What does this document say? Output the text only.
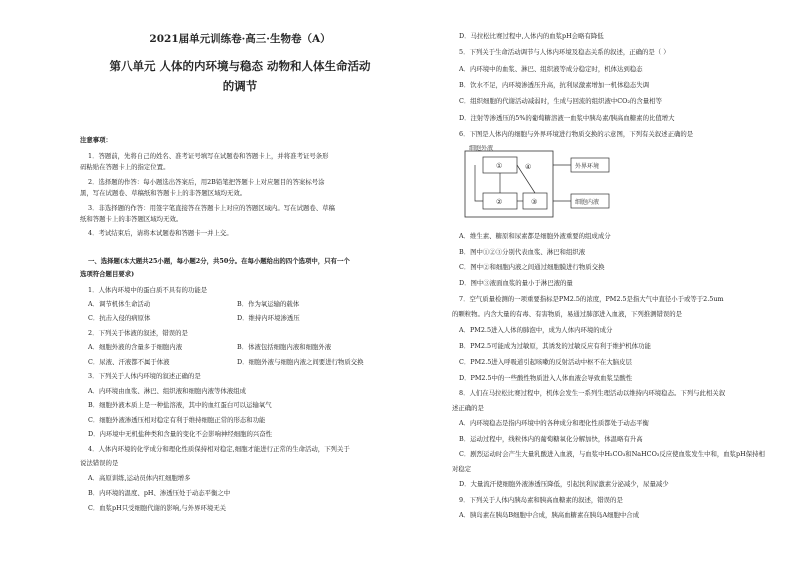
2021届单元训练卷·高三·生物卷（A）
第八单元 人体的内环境与稳态 动物和人体生命活动
的调节
注意事项：
1．答题前，先将自己的姓名、准考证号填写在试题卷和答题卡上，并将准考证号条形
码粘贴在答题卡上的指定位置。
2．选择题的作答：每小题选出答案后，用2B铅笔把答题卡上对应题目的答案标号涂
黑，写在试题卷、草稿纸和答题卡上的非答题区域均无效。
3．非选择题的作答：用签字笔直接答在答题卡上对应的答题区域内。写在试题卷、草稿
纸和答题卡上的非答题区域均无效。
4．考试结束后，请将本试题卷和答题卡一并上交。
一、选择题(本大题共25小题，每小题2分，共50分。在每小题给出的四个选项中，只有一个
选项符合题目要求)
1．人体内环境中的蛋白质不具有的功能是
A．调节机体生命活动	B．作为氧运输的载体
C．抗击入侵的病原体	D．维持内环境渗透压
2．下列关于体液的叙述，错误的是
A．细胞外液的含量多于细胞内液	B．体液包括细胞内液和细胞外液
C．尿液、汗液都不属于体液	D．细胞外液与细胞内液之间要进行物质交换
3．下列关于人体内环境的叙述正确的是
A．内环境由血浆、淋巴、组织液和细胞内液等体液组成
B．细胞外液本质上是一种盐溶液，其中的血红蛋白可以运输氧气
C．细胞外液渗透压相对稳定有利于维持细胞正常的形态和功能
D．内环境中无机盐种类和含量的变化不会影响神经细胞的兴奋性
4．人体内环境的化学成分和理化性质保持相对稳定,细胞才能进行正常的生命活动，下列关于
说法错误的是
A．高原训练,运动员体内红细胞增多
B．内环境的温度、pH、渗透压处于动态平衡之中
C．血浆pH只受细胞代谢的影响,与外界环境无关
D．马拉松比赛过程中,人体内的血浆pH会略有降低
5．下列关于生命活动调节与人体内环境及稳态关系的叙述，正确的是（ ）
A．内环境中的血浆、淋巴、组织液等成分稳定时，机体达到稳态
B．饮水不足，内环境渗透压升高，抗利尿激素增加一机体稳态失调
C．组织细胞的代谢活动减弱时，生成与回流的组织液中CO₂的含量相等
D．注射等渗透压的5%的葡萄糖溶液一血浆中胰岛素/胰高血糖素的比值增大
6．下图是人体内的细胞与外界环境进行物质交换的示意图，下列有关叙述正确的是
细胞外液
①
②	③
④	外界环境
细胞内液
A．维生素、糖原和尿素都是细胞外液重要的组成成分
B．图中①②③分别代表血浆、淋巴和组织液
C．图中②和细胞内液之间通过细胞膜进行物质交换
D．图中③液面血浆的量小于淋巴液的量
7．空气质量检测的一项重要指标是PM2.5的浓度，PM2.5是指大气中直径小于或等于2.5um
的颗粒物。内含大量的有毒、有害物质，易通过肺部进入血液，下列推测错误的是
A．PM2.5进入人体的肺泡中，成为人体内环境的成分
B．PM2.5可能成为过敏原，其诱发的过敏反应有利于维护机体功能
C．PM2.5进入呼吸道引起咳嗽的反射活动中枢不在大脑皮层
D．PM2.5中的一些酸性物质进入人体血液会导致血浆呈酸性
8．人们在马拉松比赛过程中，机体会发生一系列生理活动以维持内环境稳态。下列与此相关叙
述正确的是
A．内环境稳态是指内环境中的各种成分和理化性质都处于动态平衡
B．运动过程中，线粒体内的葡萄糖氧化分解加快，体温略有升高
C．剧烈运动时会产生大量乳酸进入血液，与血浆中H₂CO₃和NaHCO₃反应使血浆发生中和，血浆pH保持相
对稳定
D．大量流汗使细胞外液渗透压降低，引起抗利尿激素分泌减少，尿量减少
9．下列关于人体内胰岛素和胰高血糖素的叙述，错误的是
A．胰岛素在胰岛B细胞中合成，胰高血糖素在胰岛A细胞中合成
